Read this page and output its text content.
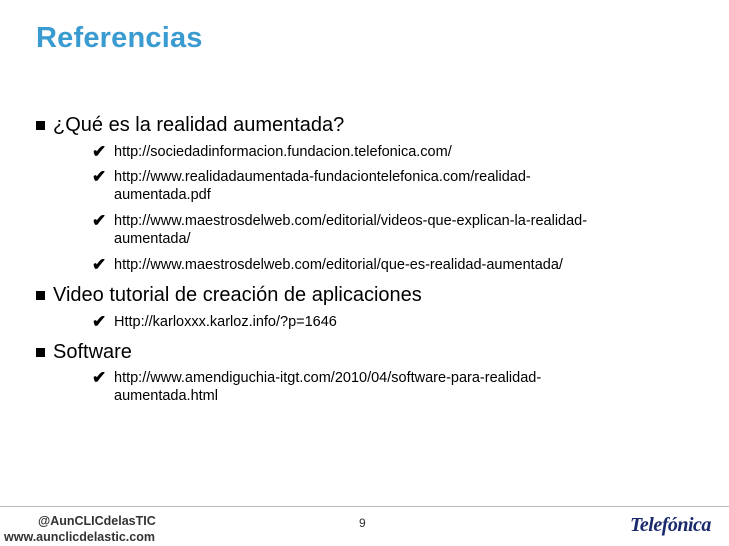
Referencias
¿Qué es la realidad aumentada?
✔ http://sociedadinformacion.fundacion.telefonica.com/
✔ http://www.realidadaumentada-fundaciontelefonica.com/realidad-
aumentada.pdf
✔ http://www.maestrosdelweb.com/editorial/videos-que-explican-la-realidad-
aumentada/
✔ http://www.maestrosdelweb.com/editorial/que-es-realidad-aumentada/
Video tutorial de creación de aplicaciones
✔ Http://karloxxx.karloz.info/?p=1646
Software
✔ http://www.amendiguchia-itgt.com/2010/04/software-para-realidad-
aumentada.html
@AunCLICdelasTIC
www.aunclicdelastic.com
9	Telefónica
